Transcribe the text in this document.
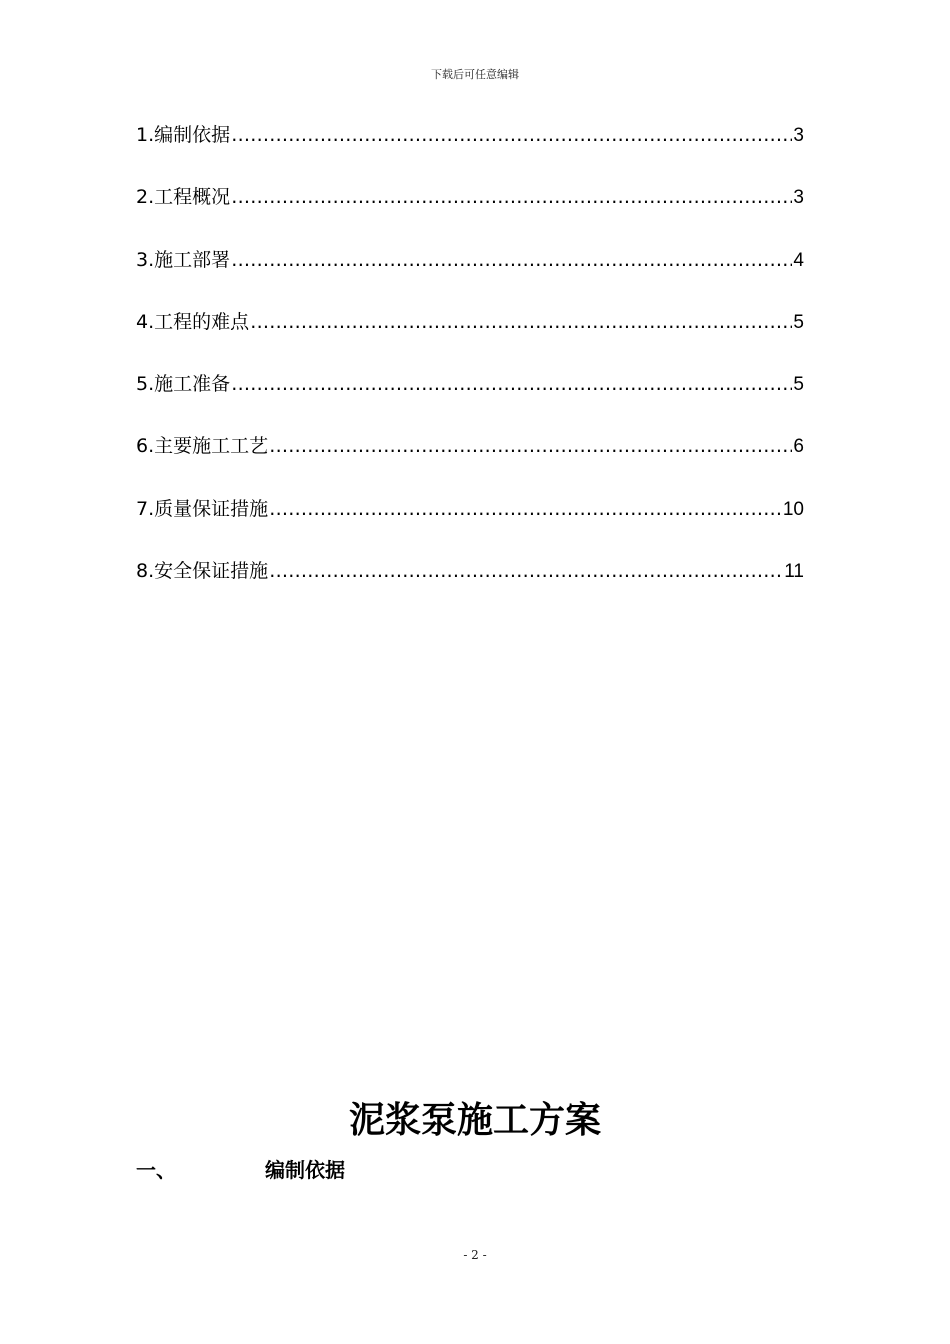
下载后可任意编辑
1.编制依据 …………………………………………………………………………………………………………………………………………………	3
2.工程概况 …………………………………………………………………………………………………………………………………………………	3
3.施工部署 …………………………………………………………………………………………………………………………………………………	4
4.工程的难点 …………………………………………………………………………………………………………………………………………………	5
5.施工准备 …………………………………………………………………………………………………………………………………………………	5
6.主要施工工艺 …………………………………………………………………………………………………………………………………………………	6
7.质量保证措施 …………………………………………………………………………………………………………………………………………………	10
8.安全保证措施 …………………………………………………………………………………………………………………………………………………	11
泥浆泵施工方案
一、	编制依据
- 2 -
